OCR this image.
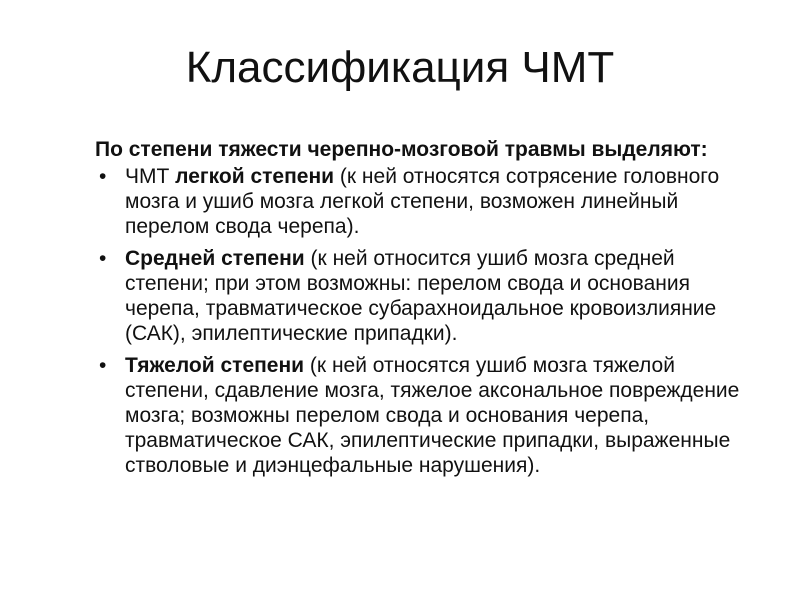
Классификация ЧМТ

По степени тяжести черепно-мозговой травмы выделяют:

• ЧМТ легкой степени (к ней относятся сотрясение головного мозга и ушиб мозга легкой степени, возможен линейный перелом свода черепа).
• Средней степени (к ней относится ушиб мозга средней степени; при этом возможны: перелом свода и основания черепа, травматическое субарахноидальное кровоизлияние (САК), эпилептические припадки).
• Тяжелой степени (к ней относятся ушиб мозга тяжелой степени, сдавление мозга, тяжелое аксональное повреждение мозга; возможны перелом свода и основания черепа, травматическое САК, эпилептические припадки, выраженные стволовые и диэнцефальные нарушения).
